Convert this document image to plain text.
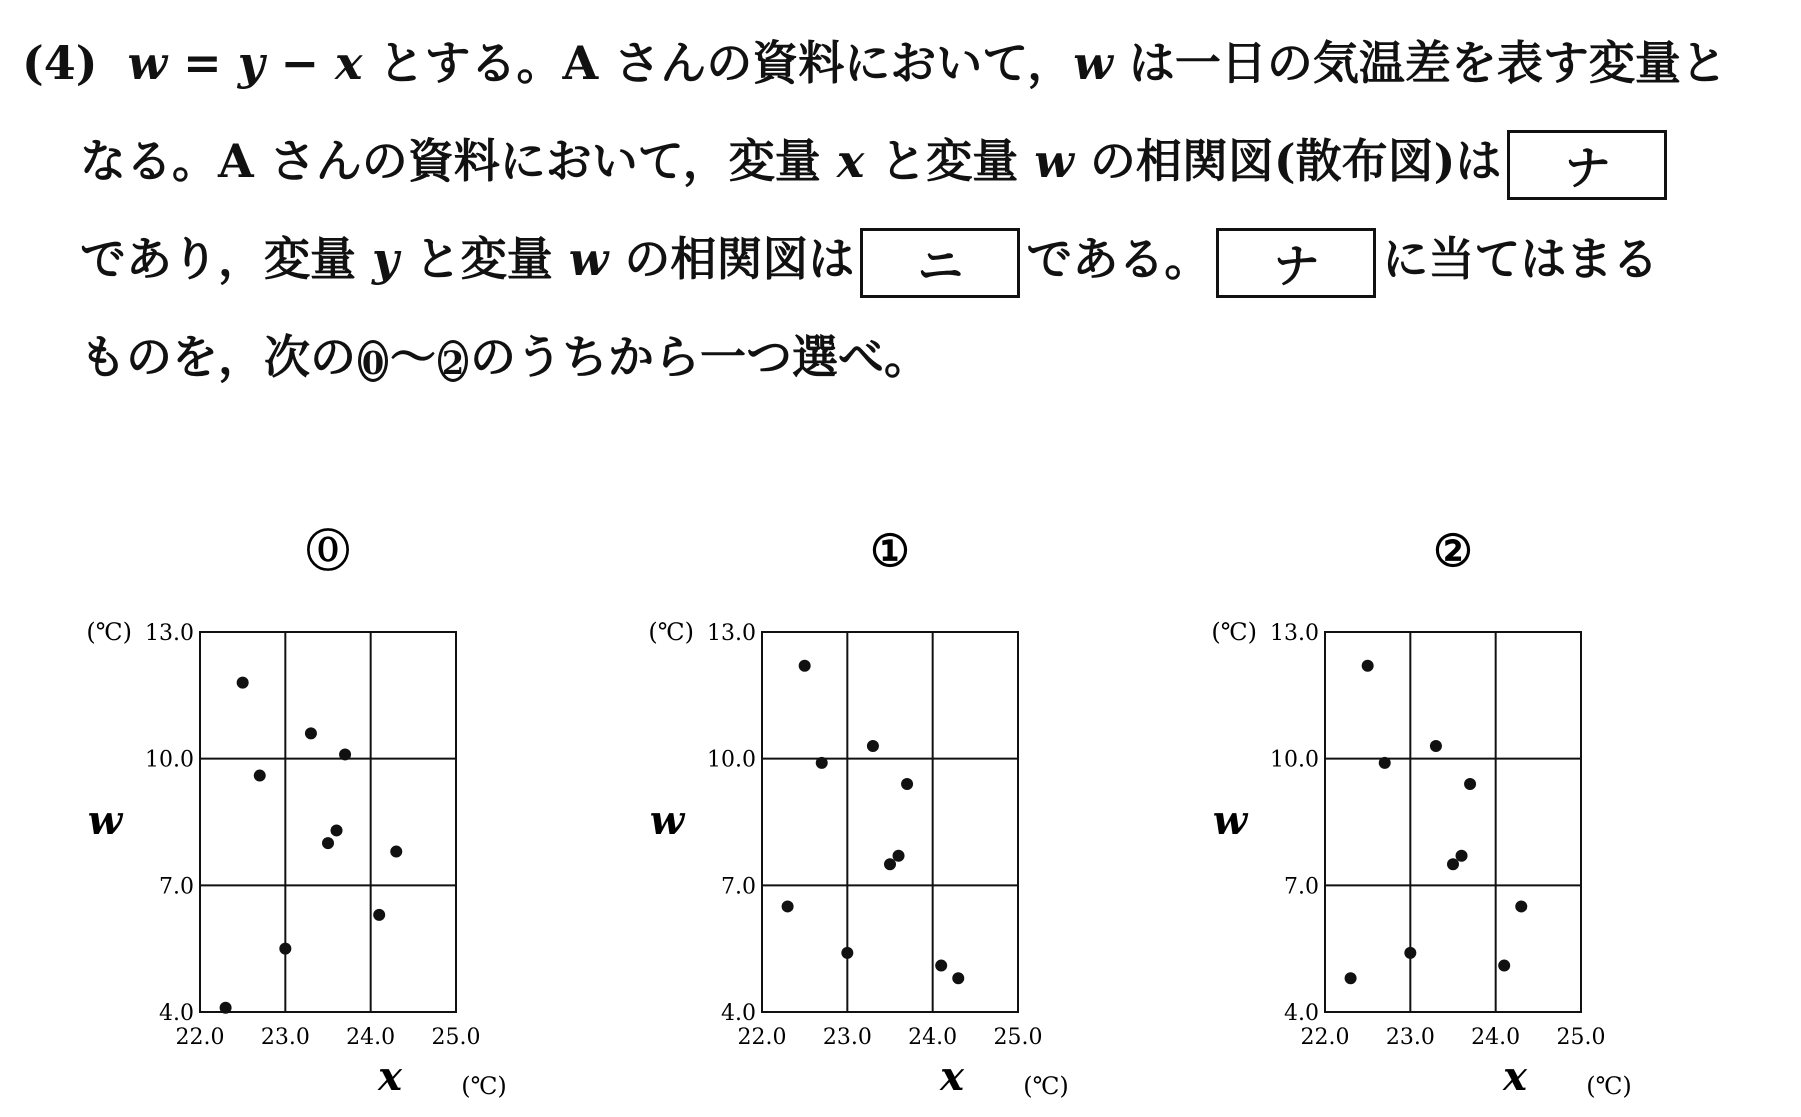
(4) w = y − x とする。A さんの資料において，w は一日の気温差を表す変量と
なる。A さんの資料において，変量 x と変量 w の相関図(散布図)は ナ
であり，変量 y と変量 w の相関図は ニ である。 ナ に当てはまる
ものを，次の 0 〜 2 のうちから一つ選べ。
⓪
22.0 23.0 24.0 25.0
4.0
7.0
10.0
13.0
(℃)
(℃)
w
x
①
22.0 23.0 24.0 25.0
4.0
7.0
10.0
13.0
(℃)
(℃)
w
x
②
22.0 23.0 24.0 25.0
4.0
7.0
10.0
13.0
(℃)
(℃)
w
x
